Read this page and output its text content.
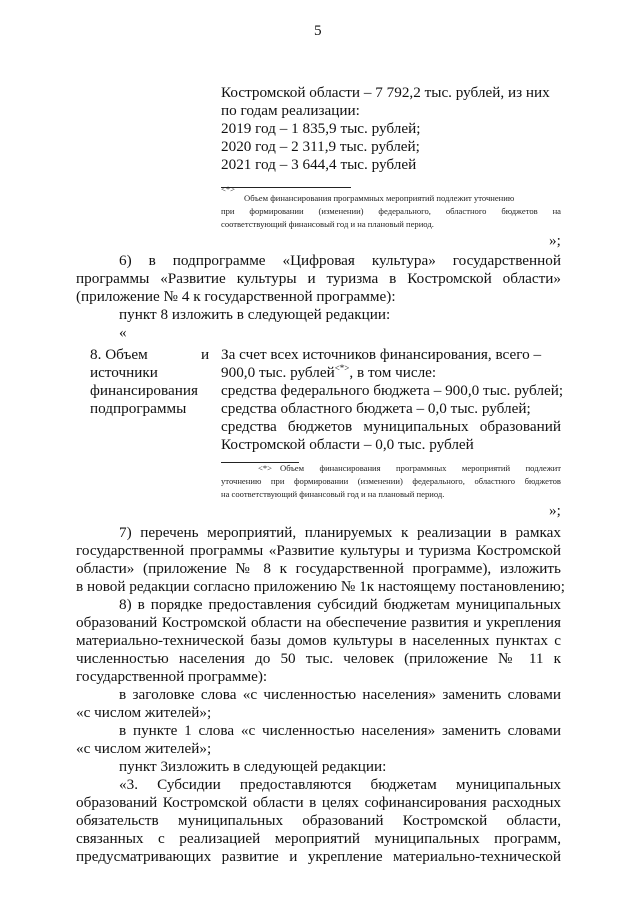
5
Костромской области – 7 792,2 тыс. рублей, из них
по годам реализации:
2019 год – 1 835,9 тыс. рублей;
2020 год – 2 311,9 тыс. рублей;
2021 год – 3 644,4 тыс. рублей
<*>
Объем финансирования программных мероприятий подлежит уточнению
при формировании (изменении) федерального, областного бюджетов на
соответствующий финансовый год и на плановый период.
»;
6) в подпрограмме «Цифровая культура» государственной
программы «Развитие культуры и туризма в Костромской области»
(приложение № 4 к государственной программе):
пункт 8 изложить в следующей редакции:
«
8. Объем	и
источники
финансирования
подпрограммы
За счет всех источников финансирования, всего –
900,0 тыс. рублей<*>, в том числе:
средства федерального бюджета – 900,0 тыс. рублей;
средства областного бюджета – 0,0 тыс. рублей;
средства бюджетов муниципальных образований
Костромской области – 0,0 тыс. рублей
<*> Объем финансирования программных мероприятий подлежит
уточнению при формировании (изменении) федерального, областного бюджетов
на соответствующий финансовый год и на плановый период.
»;
7) перечень мероприятий, планируемых к реализации в рамках
государственной программы «Развитие культуры и туризма Костромской
области» (приложение № 8 к государственной программе), изложить
в новой редакции согласно приложению № 1к настоящему постановлению;
8) в порядке предоставления субсидий бюджетам муниципальных
образований Костромской области на обеспечение развития и укрепления
материально-технической базы домов культуры в населенных пунктах с
численностью населения до 50 тыс. человек (приложение № 11 к
государственной программе):
в заголовке слова «с численностью населения» заменить словами
«с числом жителей»;
в пункте 1 слова «с численностью населения» заменить словами
«с числом жителей»;
пункт 3изложить в следующей редакции:
«3. Субсидии предоставляются бюджетам муниципальных
образований Костромской области в целях софинансирования расходных
обязательств муниципальных образований Костромской области,
связанных с реализацией мероприятий муниципальных программ,
предусматривающих развитие и укрепление материально-технической
